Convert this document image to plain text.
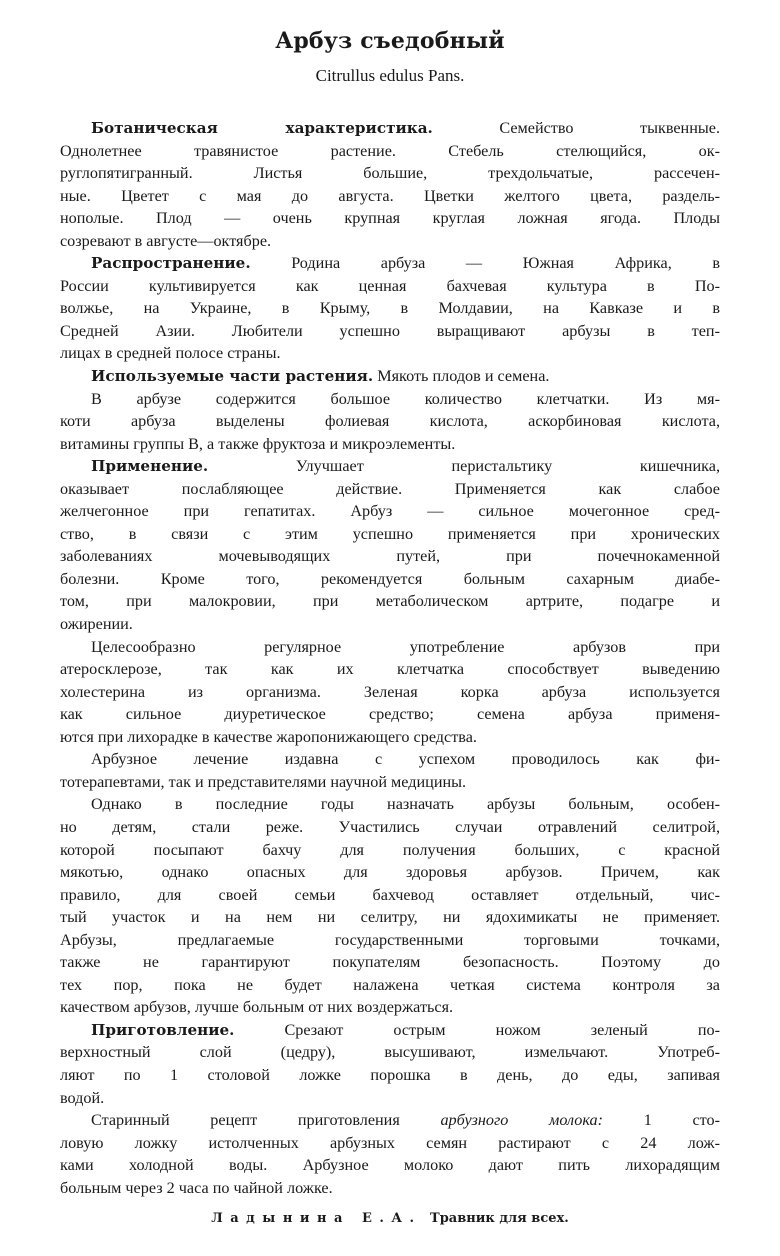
Арбуз съедобный
Citrullus edulus Pans.
Ботаническая характеристика. Семейство тыквенные.
Однолетнее травянистое растение. Стебель стелющийся, ок-
руглопятигранный. Листья большие, трехдольчатые, рассечен-
ные. Цветет с мая до августа. Цветки желтого цвета, раздель-
нополые. Плод — очень крупная круглая ложная ягода. Плоды
созревают в августе—октябре.
Распространение. Родина арбуза — Южная Африка, в
России культивируется как ценная бахчевая культура в По-
волжье, на Украине, в Крыму, в Молдавии, на Кавказе и в
Средней Азии. Любители успешно выращивают арбузы в теп-
лицах в средней полосе страны.
Используемые части растения. Мякоть плодов и семена.
В арбузе содержится большое количество клетчатки. Из мя-
коти арбуза выделены фолиевая кислота, аскорбиновая кислота,
витамины группы В, а также фруктоза и микроэлементы.
Применение. Улучшает перистальтику кишечника,
оказывает послабляющее действие. Применяется как слабое
желчегонное при гепатитах. Арбуз — сильное мочегонное сред-
ство, в связи с этим успешно применяется при хронических
заболеваниях мочевыводящих путей, при почечнокаменной
болезни. Кроме того, рекомендуется больным сахарным диабе-
том, при малокровии, при метаболическом артрите, подагре и
ожирении.
Целесообразно регулярное употребление арбузов при
атеросклерозе, так как их клетчатка способствует выведению
холестерина из организма. Зеленая корка арбуза используется
как сильное диуретическое средство; семена арбуза применя-
ются при лихорадке в качестве жаропонижающего средства.
Арбузное лечение издавна с успехом проводилось как фи-
тотерапевтами, так и представителями научной медицины.
Однако в последние годы назначать арбузы больным, особен-
но детям, стали реже. Участились случаи отравлений селитрой,
которой посыпают бахчу для получения больших, с красной
мякотью, однако опасных для здоровья арбузов. Причем, как
правило, для своей семьи бахчевод оставляет отдельный, чис-
тый участок и на нем ни селитру, ни ядохимикаты не применяет.
Арбузы, предлагаемые государственными торговыми точками,
также не гарантируют покупателям безопасность. Поэтому до
тех пор, пока не будет налажена четкая система контроля за
качеством арбузов, лучше больным от них воздержаться.
Приготовление. Срезают острым ножом зеленый по-
верхностный слой (цедру), высушивают, измельчают. Употреб-
ляют по 1 столовой ложке порошка в день, до еды, запивая
водой.
Старинный рецепт приготовления арбузного молока: 1 сто-
ловую ложку истолченных арбузных семян растирают с 24 лож-
ками холодной воды. Арбузное молоко дают пить лихорадящим
больным через 2 часа по чайной ложке.
Ладынина Е.А. Травник для всех.
